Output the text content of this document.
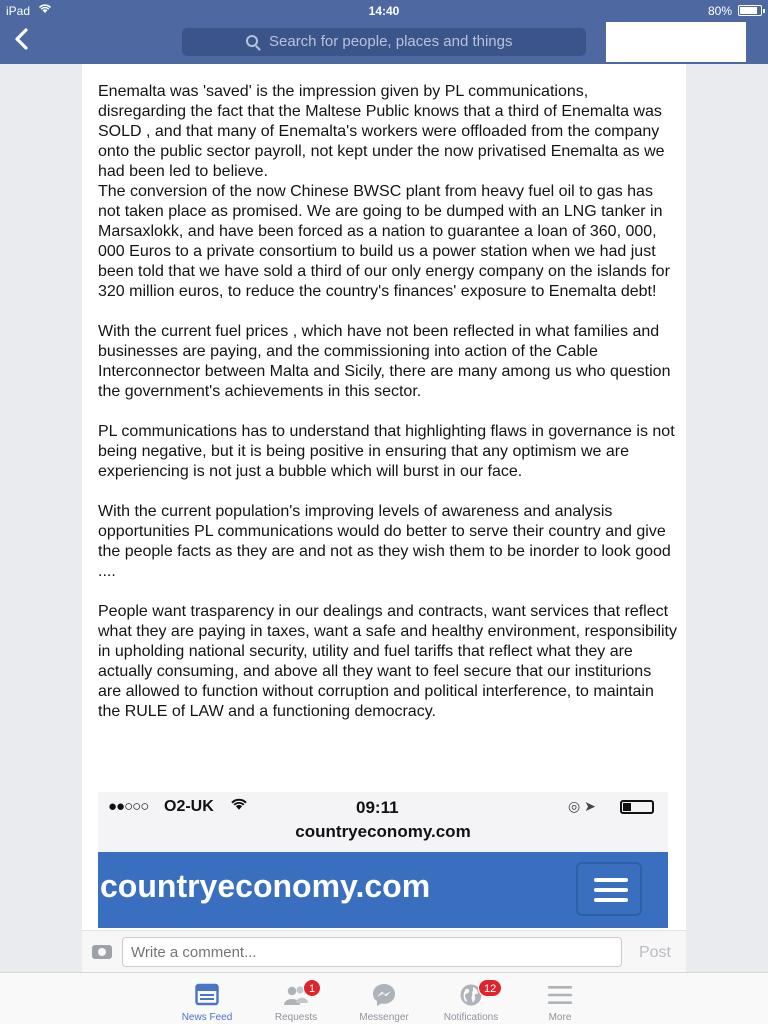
iPad	14:40	80%
Search for people, places and things

Enemalta was 'saved' is the impression given by PL communications, disregarding the fact that the Maltese Public knows that a third of Enemalta was SOLD , and that many of Enemalta's workers were offloaded from the company onto the public sector payroll, not kept under the now privatised Enemalta as we had been led to believe.
The conversion of the now Chinese BWSC plant from heavy fuel oil to gas has not taken place as promised. We are going to be dumped with an LNG tanker in Marsaxlokk, and have been forced as a nation to guarantee a loan of 360, 000, 000 Euros to a private consortium to build us a power station when we had just been told that we have sold a third of our only energy company on the islands for 320 million euros, to reduce the country's finances' exposure to Enemalta debt!

With the current fuel prices , which have not been reflected in what families and businesses are paying, and the commissioning into action of the Cable Interconnector between Malta and Sicily, there are many among us who question the government's achievements in this sector.

PL communications has to understand that highlighting flaws in governance is not being negative, but it is being positive in ensuring that any optimism we are experiencing is not just a bubble which will burst in our face.

With the current population's improving levels of awareness and analysis opportunities PL communications would do better to serve their country and give the people facts as they are and not as they wish them to be inorder to look good ....

People want trasparency in our dealings and contracts, want services that reflect what they are paying in taxes, want a safe and healthy environment, responsibility in upholding national security, utility and fuel tariffs that reflect what they are actually consuming, and above all they want to feel secure that our institurions are allowed to function without corruption and political interference, to maintain the RULE of LAW and a functioning democracy.

●●○○○ O2-UK	09:11	◎ ➤
countryeconomy.com
countryeconomy.com
Write a comment...
Post
News Feed
1
Requests	Messenger
12
Notifications	More
